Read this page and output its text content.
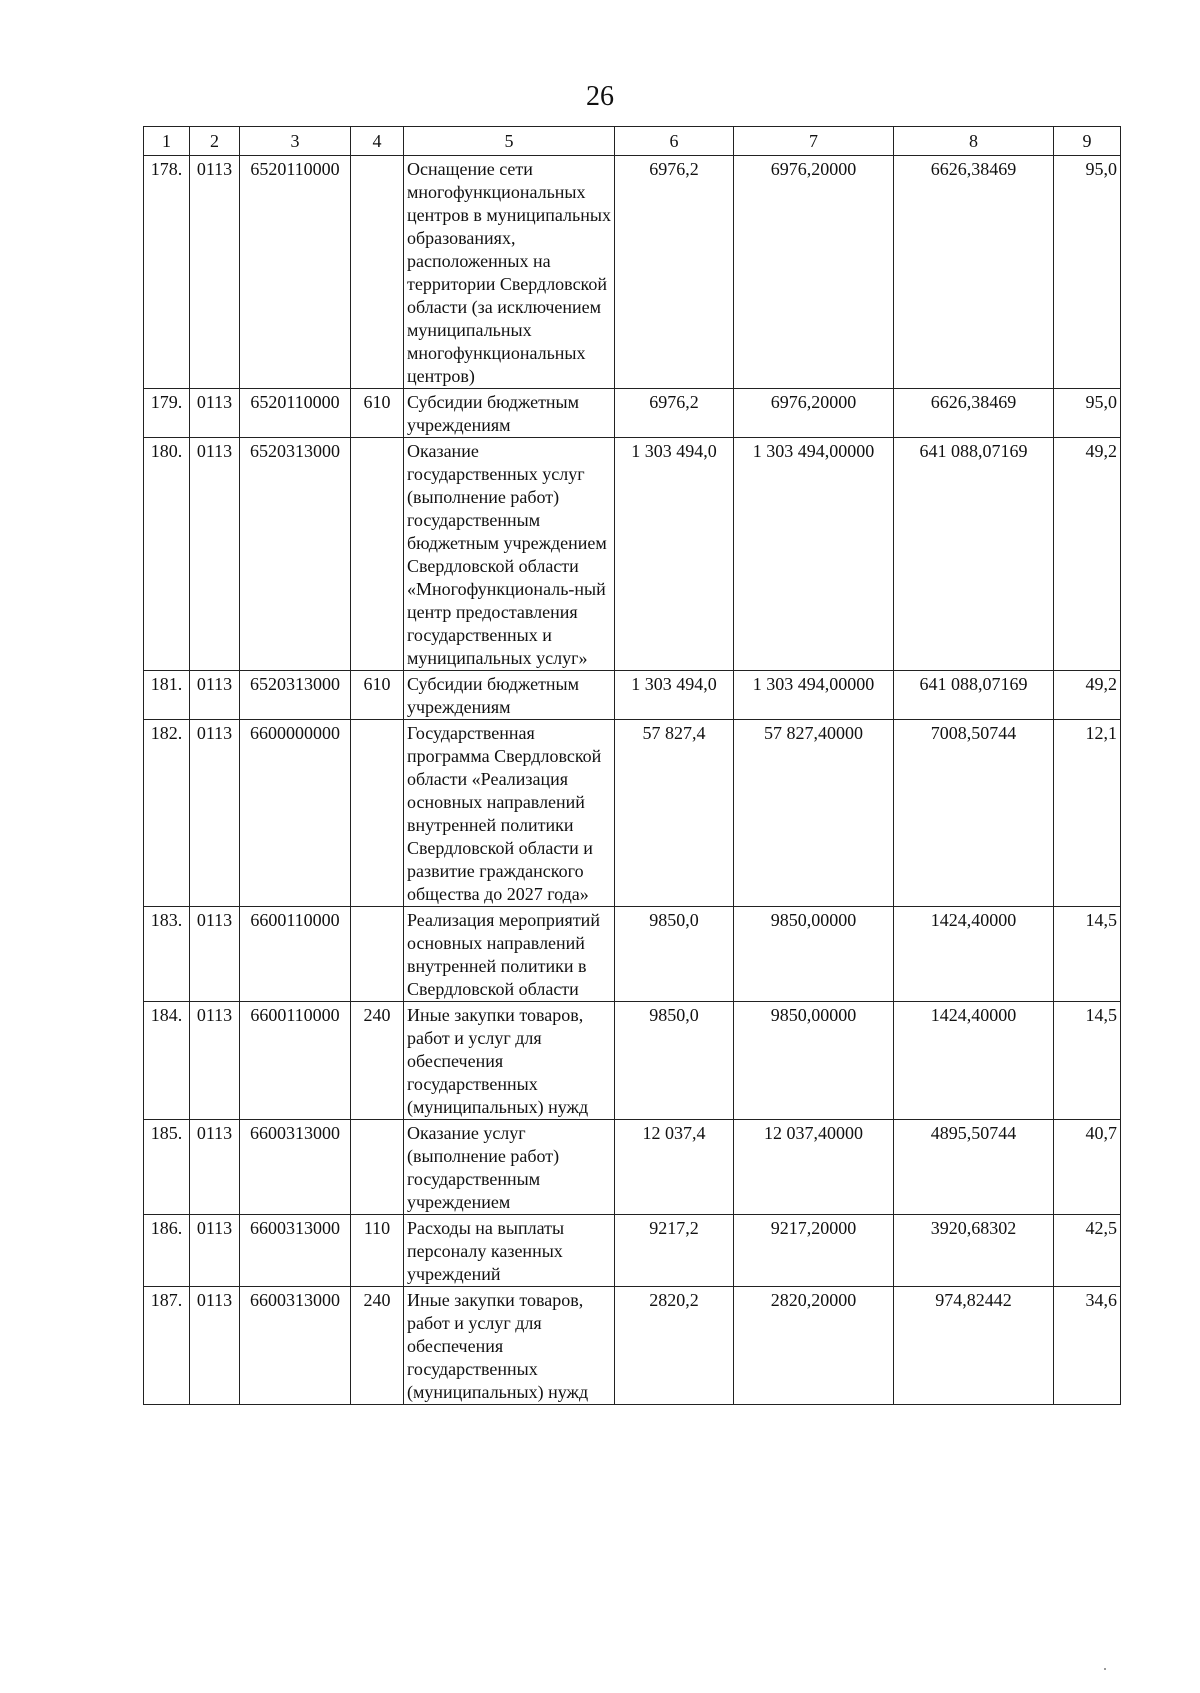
26
1	2	3	4	5	6	7	8	9
178.	0113	6520110000		Оснащение сети многофункциональных центров в муниципальных образованиях, расположенных на территории Свердловской области (за исключением муниципальных многофункциональных центров)	6976,2	6976,20000	6626,38469	95,0
179.	0113	6520110000	610	Субсидии бюджетным учреждениям	6976,2	6976,20000	6626,38469	95,0
180.	0113	6520313000		Оказание государственных услуг (выполнение работ) государственным бюджетным учреждением Свердловской области «Многофункциональ-ный центр предоставления государственных и муниципальных услуг»	1 303 494,0	1 303 494,00000	641 088,07169	49,2
181.	0113	6520313000	610	Субсидии бюджетным учреждениям	1 303 494,0	1 303 494,00000	641 088,07169	49,2
182.	0113	6600000000		Государственная программа Свердловской области «Реализация основных направлений внутренней политики Свердловской области и развитие гражданского общества до 2027 года»	57 827,4	57 827,40000	7008,50744	12,1
183.	0113	6600110000		Реализация мероприятий основных направлений внутренней политики в Свердловской области	9850,0	9850,00000	1424,40000	14,5
184.	0113	6600110000	240	Иные закупки товаров, работ и услуг для обеспечения государственных (муниципальных) нужд	9850,0	9850,00000	1424,40000	14,5
185.	0113	6600313000		Оказание услуг (выполнение работ) государственным учреждением	12 037,4	12 037,40000	4895,50744	40,7
186.	0113	6600313000	110	Расходы на выплаты персоналу казенных учреждений	9217,2	9217,20000	3920,68302	42,5
187.	0113	6600313000	240	Иные закупки товаров, работ и услуг для обеспечения государственных (муниципальных) нужд	2820,2	2820,20000	974,82442	34,6
